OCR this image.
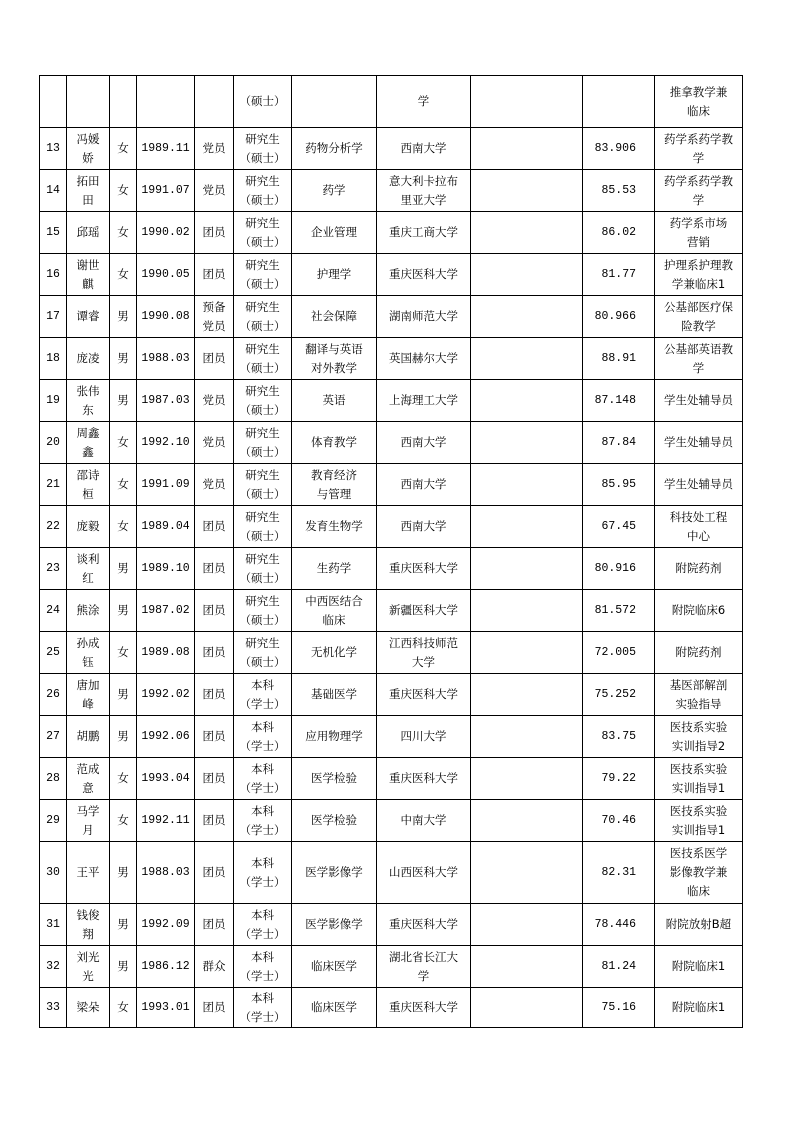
					（硕士）		学			推拿教学兼
临床

13	冯媛
娇	女	1989.11	党员	研究生
（硕士）	药物分析学	西南大学		83.906	药学系药学教
学

14	拓田
田	女	1991.07	党员	研究生
（硕士）	药学	意大利卡拉布
里亚大学		85.53	药学系药学教
学

15	邱瑶	女	1990.02	团员	研究生
（硕士）	企业管理	重庆工商大学		86.02	药学系市场
营销

16	谢世
麒	女	1990.05	团员	研究生
（硕士）	护理学	重庆医科大学		81.77	护理系护理教
学兼临床1

17	谭睿	男	1990.08	预备
党员	研究生
（硕士）	社会保障	湖南师范大学		80.966	公基部医疗保
险教学

18	庞凌	男	1988.03	团员	研究生
（硕士）	翻译与英语
对外教学	英国赫尔大学		88.91	公基部英语教
学

19	张伟
东	男	1987.03	党员	研究生
（硕士）	英语	上海理工大学		87.148	学生处辅导员

20	周鑫
鑫	女	1992.10	党员	研究生
（硕士）	体育教学	西南大学		87.84	学生处辅导员

21	邵诗
桓	女	1991.09	党员	研究生
（硕士）	教育经济
与管理	西南大学		85.95	学生处辅导员

22	庞毅	女	1989.04	团员	研究生
（硕士）	发育生物学	西南大学		67.45	科技处工程
中心

23	谈利
红	男	1989.10	团员	研究生
（硕士）	生药学	重庆医科大学		80.916	附院药剂

24	熊涂	男	1987.02	团员	研究生
（硕士）	中西医结合
临床	新疆医科大学		81.572	附院临床6

25	孙成
钰	女	1989.08	团员	研究生
（硕士）	无机化学	江西科技师范
大学		72.005	附院药剂

26	唐加
峰	男	1992.02	团员	本科
（学士）	基础医学	重庆医科大学		75.252	基医部解剖
实验指导

27	胡鹏	男	1992.06	团员	本科
（学士）	应用物理学	四川大学		83.75	医技系实验
实训指导2

28	范成
意	女	1993.04	团员	本科
（学士）	医学检验	重庆医科大学		79.22	医技系实验
实训指导1

29	马学
月	女	1992.11	团员	本科
（学士）	医学检验	中南大学		70.46	医技系实验
实训指导1

30	王平	男	1988.03	团员	本科
（学士）	医学影像学	山西医科大学		82.31	医技系医学
影像教学兼
临床

31	钱俊
翔	男	1992.09	团员	本科
（学士）	医学影像学	重庆医科大学		78.446	附院放射B超

32	刘光
光	男	1986.12	群众	本科
（学士）	临床医学	湖北省长江大
学		81.24	附院临床1

33	梁朵	女	1993.01	团员	本科
（学士）	临床医学	重庆医科大学		75.16	附院临床1
